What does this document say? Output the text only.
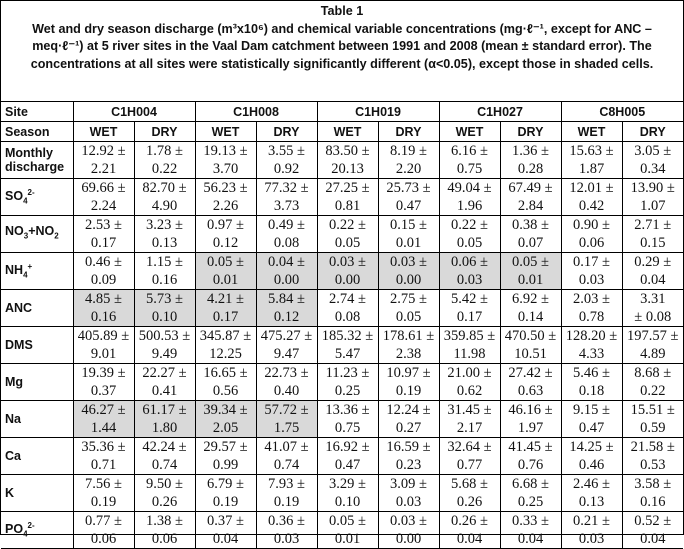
Table 1
Wet and dry season discharge (m³x10⁶) and chemical variable concentrations (mg·ℓ⁻¹, except for ANC – meq·ℓ⁻¹) at 5 river sites in the Vaal Dam catchment between 1991 and 2008 (mean ± standard error). The concentrations at all sites were statistically significantly different (α<0.05), except those in shaded cells.
Site	C1H004		C1H008		C1H019		C1H027		C8H005	
Season	WET	DRY	WET	DRY	WET	DRY	WET	DRY	WET	DRY
Monthly discharge	12.92 ±
2.21	1.78 ±
0.22	19.13 ±
3.70	3.55 ±
0.92	83.50 ±
20.13	8.19 ±
2.20	6.16 ±
0.75	1.36 ±
0.28	15.63 ±
1.87	3.05 ±
0.34

$SO_4^{2-}$	69.66 ±
2.24	82.70 ±
4.90	56.23 ±
2.26	77.32 ±
3.73	27.25 ±
0.81	25.73 ±
0.47	49.04 ±
1.96	67.49 ±
2.84	12.01 ±
0.42	13.90 ±
1.07

$NO_3+NO_2$	2.53 ±
0.17	3.23 ±
0.13	0.97 ±
0.12	0.49 ±
0.08	0.22 ±
0.05	0.15 ±
0.01	0.22 ±
0.05	0.38 ±
0.07	0.90 ±
0.06	2.71 ±
0.15

$NH_4^+$	0.46 ±
0.09	1.15 ±
0.16	0.05 ±
0.01	0.04 ±
0.00	0.03 ±
0.00	0.03 ±
0.00	0.06 ±
0.03	0.05 ±
0.01	0.17 ±
0.03	0.29 ±
0.04

ANC	4.85 ±
0.16	5.73 ±
0.10	4.21 ±
0.17	5.84 ±
0.12	2.74 ±
0.08	2.75 ±
0.05	5.42 ±
0.17	6.92 ±
0.14	2.03 ±
0.78	3.31
± 0.08

DMS	405.89 ±
9.01	500.53 ±
9.49	345.87 ±
12.25	475.27 ±
9.47	185.32 ±
5.47	178.61 ±
2.38	359.85 ±
11.98	470.50 ±
10.51	128.20 ±
4.33	197.57 ±
4.89

Mg	19.39 ±
0.37	22.27 ±
0.41	16.65 ±
0.56	22.73 ±
0.40	11.23 ±
0.25	10.97 ±
0.19	21.00 ±
0.62	27.42 ±
0.63	5.46 ±
0.18	8.68 ±
0.22

Na	46.27 ±
1.44	61.17 ±
1.80	39.34 ±
2.05	57.72 ±
1.75	13.36 ±
0.75	12.24 ±
0.27	31.45 ±
2.17	46.16 ±
1.97	9.15 ±
0.47	15.51 ±
0.59

Ca	35.36 ±
0.71	42.24 ±
0.74	29.57 ±
0.99	41.07 ±
0.74	16.92 ±
0.47	16.59 ±
0.23	32.64 ±
0.77	41.45 ±
0.76	14.25 ±
0.46	21.58 ±
0.53

K	7.56 ±
0.19	9.50 ±
0.26	6.79 ±
0.19	7.93 ±
0.19	3.29 ±
0.10	3.09 ±
0.03	5.68 ±
0.26	6.68 ±
0.25	2.46 ±
0.13	3.58 ±
0.16

$PO_4^{2-}$	0.77 ±
0.06	1.38 ±
0.06	0.37 ±
0.04	0.36 ±
0.03	0.05 ±
0.01	0.03 ±
0.00	0.26 ±
0.04	0.33 ±
0.04	0.21 ±
0.03	0.52 ±
0.04
